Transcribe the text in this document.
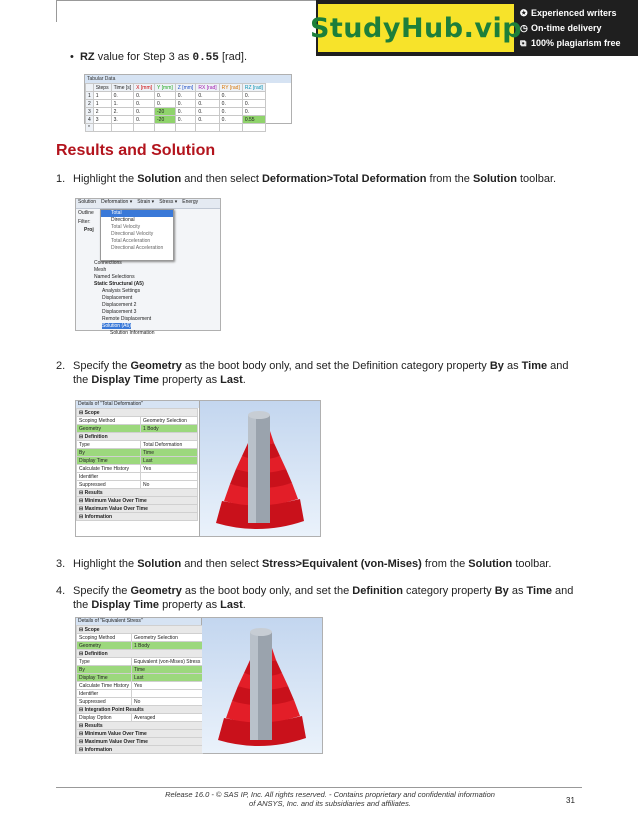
StudyHub.vip
✪ Experienced writers
◷ On-time delivery
⧉ 100% plagiarism free
•  RZ value for Step 3 as 0.55 [rad].
Tabular Data
	Steps	Time [s]	X [mm]	Y [mm]	Z [mm]	RX [rad]	RY [rad]	RZ [rad]
1	1	0.	0.	0.	0.	0.	0.	0.
2	1	1.	0.	0.	0.	0.	0.	0.
3	2	2.	0.	-20	0.	0.	0.	0.
4	3	3.	0.	-20	0.	0.	0.	0.55
*								
Results and Solution
1. Highlight the Solution and then select Deformation>Total Deformation from the Solution toolbar.
Solution Deformation ▾ Strain ▾ Stress ▾ Energy
Outline
Filter:
Proj
Total
Directional
Total Velocity
Directional Velocity
Total Acceleration
Directional Acceleration
Connections
Mesh
Named Selections
Static Structural (A5)
Analysis Settings
Displacement
Displacement 2
Displacement 3
Remote Displacement
Solution (A6)
Solution Information
2. Specify the Geometry as the boot body only, and set the Definition category property By as Time and the Display Time property as Last.
Details of "Total Deformation"
⊟ Scope	
Scoping Method	Geometry Selection
Geometry	1 Body
⊟ Definition	
Type	Total Deformation
By	Time
Display Time	Last
Calculate Time History	Yes
Identifier	
Suppressed	No
⊟ Results	
⊟ Minimum Value Over Time	
⊟ Maximum Value Over Time	
⊟ Information	
3. Highlight the Solution and then select Stress>Equivalent (von-Mises) from the Solution toolbar.
4. Specify the Geometry as the boot body only, and set the Definition category property By as Time and the Display Time property as Last.
Details of "Equivalent Stress"
⊟ Scope	
Scoping Method	Geometry Selection
Geometry	1 Body
⊟ Definition	
Type	Equivalent (von-Mises) Stress
By	Time
Display Time	Last
Calculate Time History	Yes
Identifier	
Suppressed	No
⊟ Integration Point Results	
Display Option	Averaged
⊟ Results	
⊟ Minimum Value Over Time	
⊟ Maximum Value Over Time	
⊟ Information	
Release 16.0 - © SAS IP, Inc. All rights reserved. - Contains proprietary and confidential information
of ANSYS, Inc. and its subsidiaries and affiliates.	31
